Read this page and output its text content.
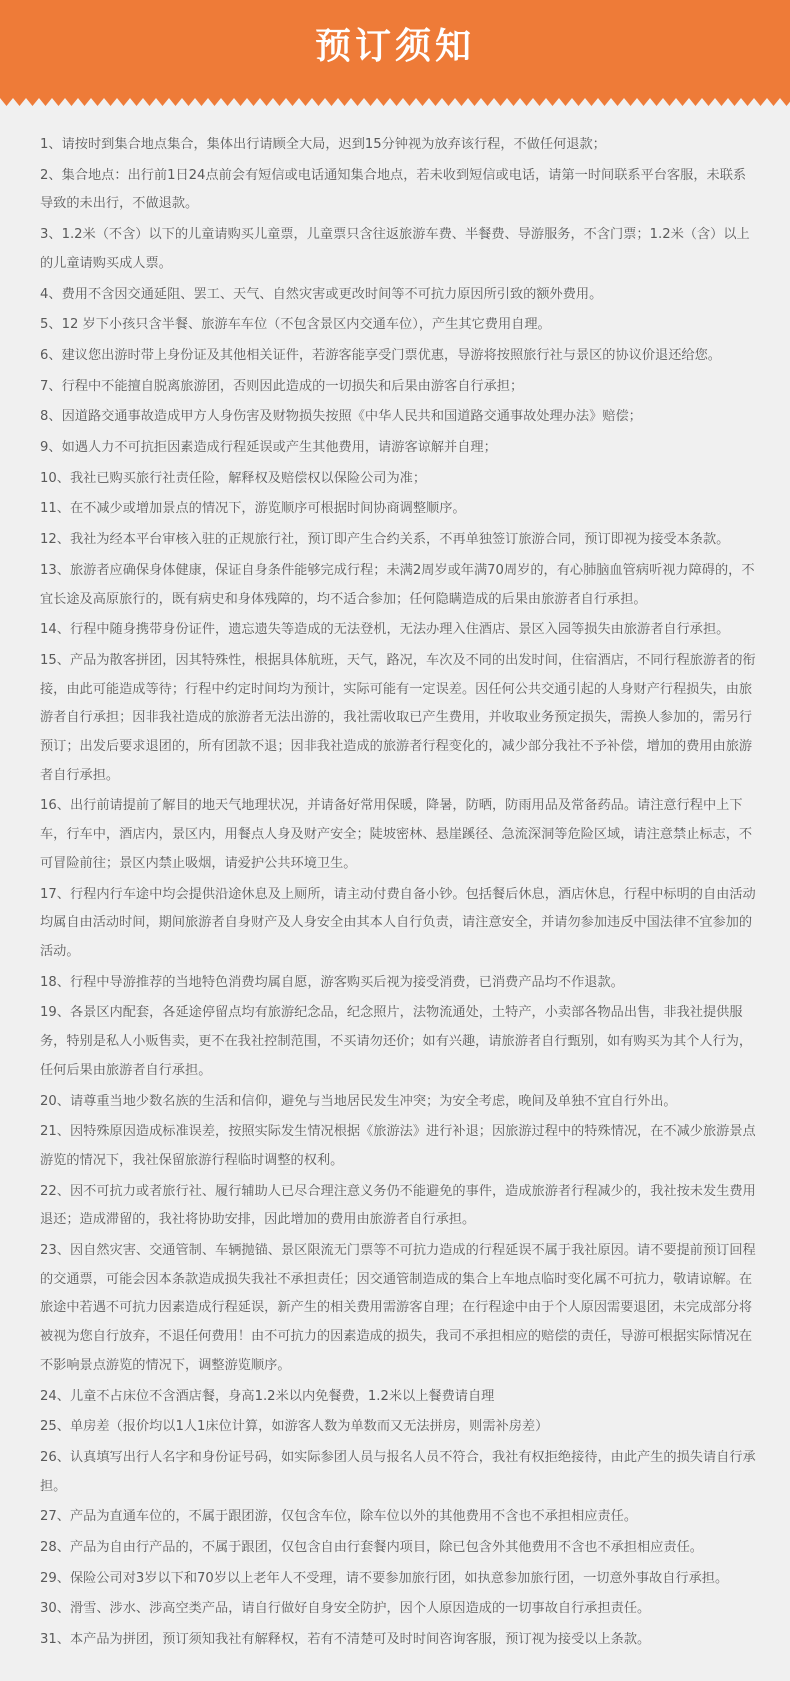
预订须知

1、请按时到集合地点集合，集体出行请顾全大局，迟到15分钟视为放弃该行程，不做任何退款；

2、集合地点：出行前1日24点前会有短信或电话通知集合地点，若未收到短信或电话，请第一时间联系平台客服，未联系导致的未出行，不做退款。

3、1.2米（不含）以下的儿童请购买儿童票，儿童票只含往返旅游车费、半餐费、导游服务，不含门票；1.2米（含）以上的儿童请购买成人票。

4、费用不含因交通延阻、罢工、天气、自然灾害或更改时间等不可抗力原因所引致的额外费用。

5、12 岁下小孩只含半餐、旅游车车位（不包含景区内交通车位），产生其它费用自理。

6、建议您出游时带上身份证及其他相关证件，若游客能享受门票优惠，导游将按照旅行社与景区的协议价退还给您。

7、行程中不能擅自脱离旅游团，否则因此造成的一切损失和后果由游客自行承担；

8、因道路交通事故造成甲方人身伤害及财物损失按照《中华人民共和国道路交通事故处理办法》赔偿；

9、如遇人力不可抗拒因素造成行程延误或产生其他费用，请游客谅解并自理；

10、我社已购买旅行社责任险，解释权及赔偿权以保险公司为准；

11、在不减少或增加景点的情况下，游览顺序可根据时间协商调整顺序。

12、我社为经本平台审核入驻的正规旅行社，预订即产生合约关系，不再单独签订旅游合同，预订即视为接受本条款。

13、旅游者应确保身体健康，保证自身条件能够完成行程；未满2周岁或年满70周岁的，有心肺脑血管病听视力障碍的，不宜长途及高原旅行的，既有病史和身体残障的，均不适合参加；任何隐瞒造成的后果由旅游者自行承担。

14、行程中随身携带身份证件，遗忘遗失等造成的无法登机，无法办理入住酒店、景区入园等损失由旅游者自行承担。

15、产品为散客拼团，因其特殊性，根据具体航班，天气，路况，车次及不同的出发时间，住宿酒店，不同行程旅游者的衔接，由此可能造成等待；行程中约定时间均为预计，实际可能有一定误差。因任何公共交通引起的人身财产行程损失，由旅游者自行承担；因非我社造成的旅游者无法出游的，我社需收取已产生费用，并收取业务预定损失，需换人参加的，需另行预订；出发后要求退团的，所有团款不退；因非我社造成的旅游者行程变化的，减少部分我社不予补偿，增加的费用由旅游者自行承担。

16、出行前请提前了解目的地天气地理状况，并请备好常用保暖，降暑，防晒，防雨用品及常备药品。请注意行程中上下车，行车中，酒店内，景区内，用餐点人身及财产安全；陡坡密林、悬崖蹊径、急流深洞等危险区域，请注意禁止标志，不可冒险前往；景区内禁止吸烟，请爱护公共环境卫生。

17、行程内行车途中均会提供沿途休息及上厕所，请主动付费自备小钞。包括餐后休息，酒店休息，行程中标明的自由活动均属自由活动时间，期间旅游者自身财产及人身安全由其本人自行负责，请注意安全，并请勿参加违反中国法律不宜参加的活动。

18、行程中导游推荐的当地特色消费均属自愿，游客购买后视为接受消费，已消费产品均不作退款。

19、各景区内配套，各延途停留点均有旅游纪念品，纪念照片，法物流通处，土特产，小卖部各物品出售，非我社提供服务，特别是私人小贩售卖，更不在我社控制范围，不买请勿还价；如有兴趣，请旅游者自行甄别，如有购买为其个人行为，任何后果由旅游者自行承担。

20、请尊重当地少数名族的生活和信仰，避免与当地居民发生冲突；为安全考虑，晚间及单独不宜自行外出。

21、因特殊原因造成标准误差，按照实际发生情况根据《旅游法》进行补退；因旅游过程中的特殊情况，在不减少旅游景点游览的情况下，我社保留旅游行程临时调整的权利。

22、因不可抗力或者旅行社、履行辅助人已尽合理注意义务仍不能避免的事件，造成旅游者行程减少的，我社按未发生费用退还；造成滞留的，我社将协助安排，因此增加的费用由旅游者自行承担。

23、因自然灾害、交通管制、车辆抛锚、景区限流无门票等不可抗力造成的行程延误不属于我社原因。请不要提前预订回程的交通票，可能会因本条款造成损失我社不承担责任；因交通管制造成的集合上车地点临时变化属不可抗力，敬请谅解。在旅途中若遇不可抗力因素造成行程延误，新产生的相关费用需游客自理；在行程途中由于个人原因需要退团，未完成部分将被视为您自行放弃，不退任何费用！由不可抗力的因素造成的损失，我司不承担相应的赔偿的责任，导游可根据实际情况在不影响景点游览的情况下，调整游览顺序。

24、儿童不占床位不含酒店餐，身高1.2米以内免餐费，1.2米以上餐费请自理

25、单房差（报价均以1人1床位计算，如游客人数为单数而又无法拼房，则需补房差）

26、认真填写出行人名字和身份证号码，如实际参团人员与报名人员不符合，我社有权拒绝接待，由此产生的损失请自行承担。

27、产品为直通车位的，不属于跟团游，仅包含车位，除车位以外的其他费用不含也不承担相应责任。

28、产品为自由行产品的，不属于跟团，仅包含自由行套餐内项目，除已包含外其他费用不含也不承担相应责任。

29、保险公司对3岁以下和70岁以上老年人不受理，请不要参加旅行团，如执意参加旅行团，一切意外事故自行承担。

30、滑雪、涉水、涉高空类产品，请自行做好自身安全防护，因个人原因造成的一切事故自行承担责任。

31、本产品为拼团，预订须知我社有解释权，若有不清楚可及时时间咨询客服，预订视为接受以上条款。
